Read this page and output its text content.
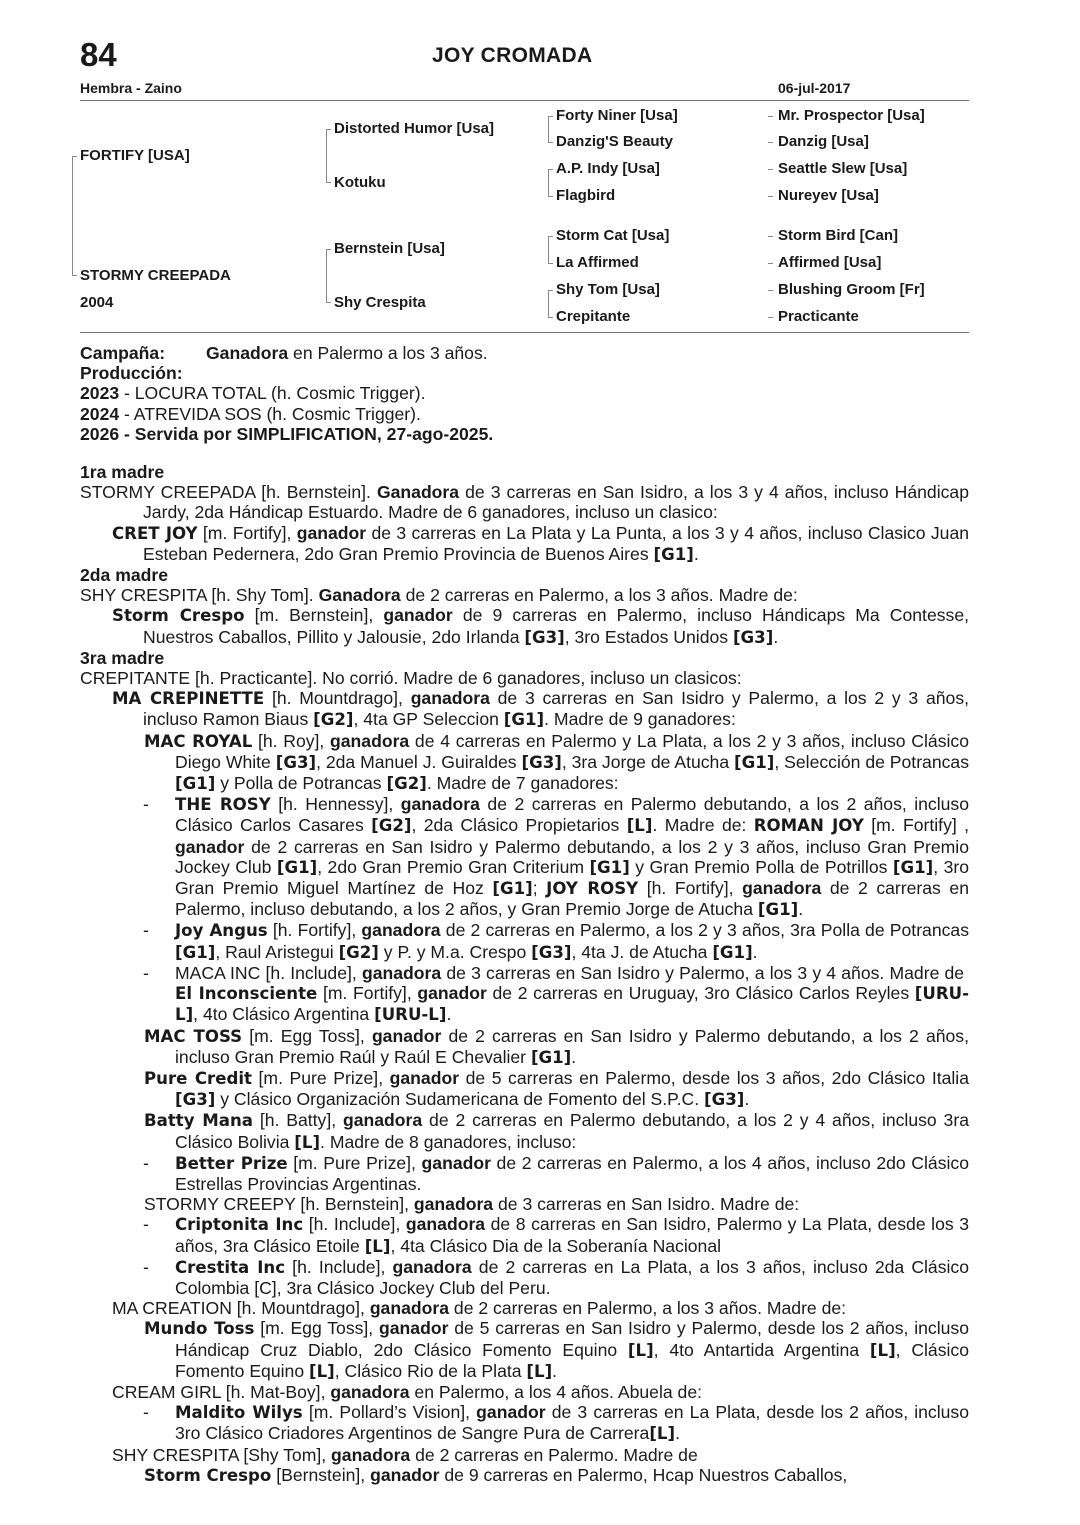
84	JOY CROMADA
Hembra - Zaino	06-jul-2017
FORTIFY [USA]
STORMY CREEPADA
2004
Distorted Humor [Usa]
Kotuku
Bernstein [Usa]
Shy Crespita
Forty Niner [Usa]
Danzig'S Beauty
A.P. Indy [Usa]
Flagbird
Storm Cat [Usa]
La Affirmed
Shy Tom [Usa]
Crepitante
Mr. Prospector [Usa]
Danzig [Usa]
Seattle Slew [Usa]
Nureyev [Usa]
Storm Bird [Can]
Affirmed [Usa]
Blushing Groom [Fr]
Practicante

Campaña: Ganadora en Palermo a los 3 años.

Producción:

2023 - LOCURA TOTAL (h. Cosmic Trigger).

2024 - ATREVIDA SOS (h. Cosmic Trigger).

2026 - Servida por SIMPLIFICATION, 27-ago-2025.

1ra madre

STORMY CREEPADA [h. Bernstein]. Ganadora de 3 carreras en San Isidro, a los 3 y 4 años, incluso Hándicap Jardy, 2da Hándicap Estuardo. Madre de 6 ganadores, incluso un clasico:

CRET JOY [m. Fortify], ganador de 3 carreras en La Plata y La Punta, a los 3 y 4 años, incluso Clasico Juan Esteban Pedernera, 2do Gran Premio Provincia de Buenos Aires [G1].

2da madre

SHY CRESPITA [h. Shy Tom]. Ganadora de 2 carreras en Palermo, a los 3 años. Madre de:

Storm Crespo [m. Bernstein], ganador de 9 carreras en Palermo, incluso Hándicaps Ma Contesse, Nuestros Caballos, Pillito y Jalousie, 2do Irlanda [G3], 3ro Estados Unidos [G3].

3ra madre

CREPITANTE [h. Practicante]. No corrió. Madre de 6 ganadores, incluso un clasicos:

MA CREPINETTE [h. Mountdrago], ganadora de 3 carreras en San Isidro y Palermo, a los 2 y 3 años, incluso Ramon Biaus [G2], 4ta GP Seleccion [G1]. Madre de 9 ganadores:

MAC ROYAL [h. Roy], ganadora de 4 carreras en Palermo y La Plata, a los 2 y 3 años, incluso Clásico Diego White [G3], 2da Manuel J. Guiraldes [G3], 3ra Jorge de Atucha [G1], Selección de Potrancas [G1] y Polla de Potrancas [G2]. Madre de 7 ganadores:

- THE ROSY [h. Hennessy], ganadora de 2 carreras en Palermo debutando, a los 2 años, incluso Clásico Carlos Casares [G2], 2da Clásico Propietarios [L]. Madre de: ROMAN JOY [m. Fortify] , ganador de 2 carreras en San Isidro y Palermo debutando, a los 2 y 3 años, incluso Gran Premio Jockey Club [G1], 2do Gran Premio Gran Criterium [G1] y Gran Premio Polla de Potrillos [G1], 3ro Gran Premio Miguel Martínez de Hoz [G1]; JOY ROSY [h. Fortify], ganadora de 2 carreras en Palermo, incluso debutando, a los 2 años, y Gran Premio Jorge de Atucha [G1].

- Joy Angus [h. Fortify], ganadora de 2 carreras en Palermo, a los 2 y 3 años, 3ra Polla de Potrancas [G1], Raul Aristegui [G2] y P. y M.a. Crespo [G3], 4ta J. de Atucha [G1].

- MACA INC [h. Include], ganadora de 3 carreras en San Isidro y Palermo, a los 3 y 4 años. Madre de  El Inconsciente [m. Fortify], ganador de 2 carreras en Uruguay, 3ro Clásico Carlos Reyles [URU-L], 4to Clásico Argentina [URU-L].

MAC TOSS [m. Egg Toss], ganador de 2 carreras en San Isidro y Palermo debutando, a los 2 años, incluso Gran Premio Raúl y Raúl E Chevalier [G1].

Pure Credit [m. Pure Prize], ganador de 5 carreras en Palermo, desde los 3 años, 2do Clásico Italia [G3] y Clásico Organización Sudamericana de Fomento del S.P.C. [G3].

Batty Mana [h. Batty], ganadora de 2 carreras en Palermo debutando, a los 2 y 4 años, incluso 3ra Clásico Bolivia [L]. Madre de 8 ganadores, incluso:

- Better Prize [m. Pure Prize], ganador de 2 carreras en Palermo, a los 4 años, incluso 2do Clásico Estrellas Provincias Argentinas.

STORMY CREEPY [h. Bernstein], ganadora de 3 carreras en San Isidro. Madre de:

- Criptonita Inc [h. Include], ganadora de 8 carreras en San Isidro, Palermo y La Plata, desde los 3 años, 3ra Clásico Etoile [L], 4ta Clásico Dia de la Soberanía Nacional

- Crestita Inc [h. Include], ganadora de 2 carreras en La Plata, a los 3 años, incluso 2da Clásico Colombia [C], 3ra Clásico Jockey Club del Peru.

MA CREATION [h. Mountdrago], ganadora de 2 carreras en Palermo, a los 3 años. Madre de:

Mundo Toss [m. Egg Toss], ganador de 5 carreras en San Isidro y Palermo, desde los 2 años, incluso Hándicap Cruz Diablo, 2do Clásico Fomento Equino [L], 4to Antartida Argentina [L], Clásico Fomento Equino [L], Clásico Rio de la Plata [L].

CREAM GIRL [h. Mat-Boy], ganadora en Palermo, a los 4 años. Abuela de:

- Maldito Wilys [m. Pollard’s Vision], ganador de 3 carreras en La Plata, desde los 2 años, incluso 3ro Clásico Criadores Argentinos de Sangre Pura de Carrera[L].

SHY CRESPITA [Shy Tom], ganadora de 2 carreras en Palermo. Madre de

Storm Crespo [Bernstein], ganador de 9 carreras en Palermo, Hcap Nuestros Caballos,
